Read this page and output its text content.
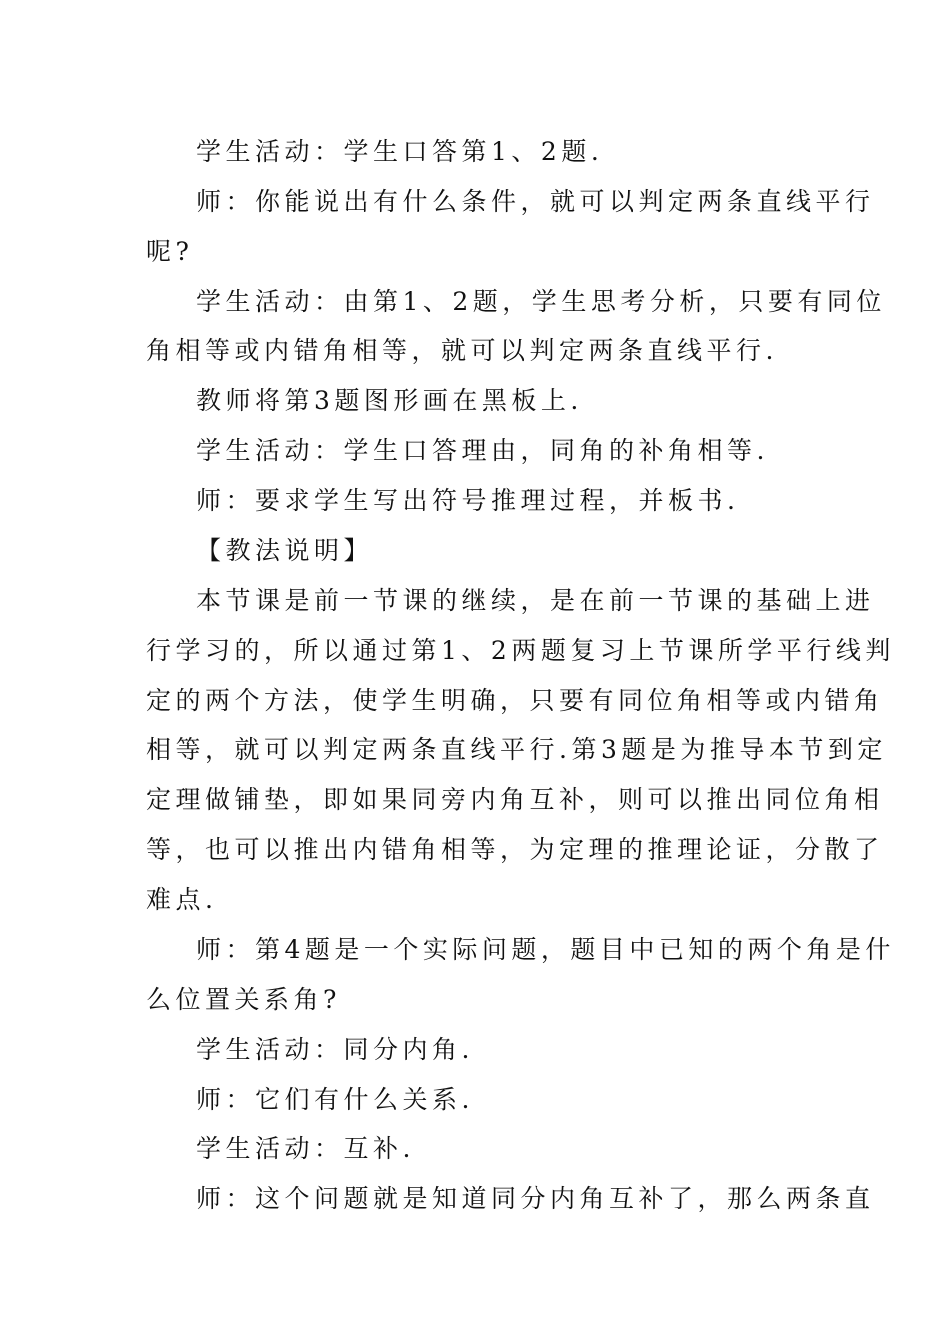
学生活动：学生口答第1、2题.
师：你能说出有什么条件，就可以判定两条直线平行
呢?
学生活动：由第1、2题，学生思考分析，只要有同位
角相等或内错角相等，就可以判定两条直线平行.
教师将第3题图形画在黑板上.
学生活动：学生口答理由，同角的补角相等.
师：要求学生写出符号推理过程，并板书.
【教法说明】
本节课是前一节课的继续，是在前一节课的基础上进
行学习的，所以通过第1、2两题复习上节课所学平行线判
定的两个方法，使学生明确，只要有同位角相等或内错角
相等，就可以判定两条直线平行.第3题是为推导本节到定
定理做铺垫，即如果同旁内角互补，则可以推出同位角相
等，也可以推出内错角相等，为定理的推理论证，分散了
难点.
师：第4题是一个实际问题，题目中已知的两个角是什
么位置关系角?
学生活动：同分内角.
师：它们有什么关系.
学生活动：互补.
师：这个问题就是知道同分内角互补了，那么两条直
